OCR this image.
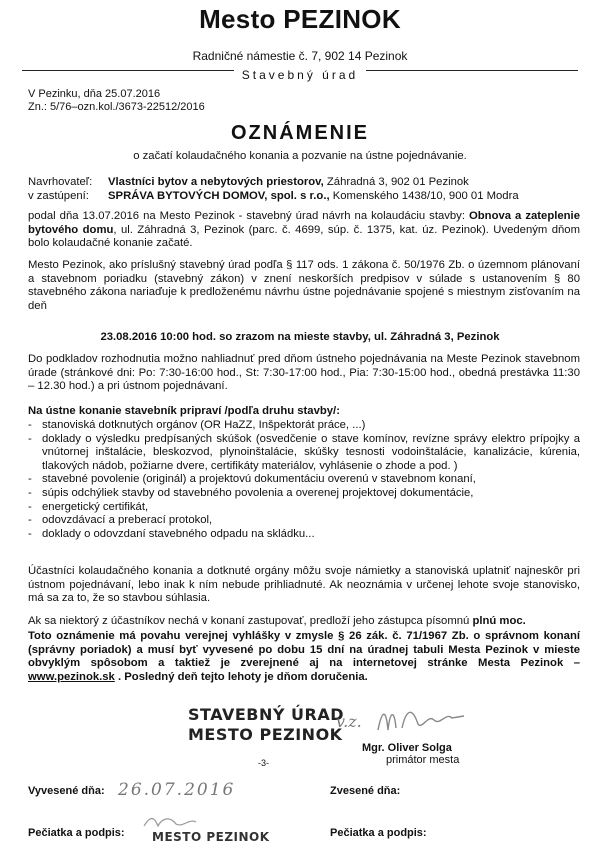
Mesto PEZINOK
Radničné námestie č. 7, 902 14 Pezinok
Stavebný úrad
V Pezinku, dňa 25.07.2016
Zn.: 5/76–ozn.kol./3673-22512/2016
OZNÁMENIE
o začatí kolaudačného konania a pozvanie na ústne pojednávanie.
Navrhovateľ: Vlastníci bytov a nebytových priestorov, Záhradná 3, 902 01 Pezinok
v zastúpení: SPRÁVA BYTOVÝCH DOMOV, spol. s r.o., Komenského 1438/10, 900 01 Modra
podal dňa 13.07.2016 na Mesto Pezinok - stavebný úrad návrh na kolaudáciu stavby: Obnova a zateplenie bytového domu, ul. Záhradná 3, Pezinok (parc. č. 4699, súp. č. 1375, kat. úz. Pezinok). Uvedeným dňom bolo kolaudačné konanie začaté.
Mesto Pezinok, ako príslušný stavebný úrad podľa § 117 ods. 1 zákona č. 50/1976 Zb. o územnom plánovaní a stavebnom poriadku (stavebný zákon) v znení neskorších predpisov v súlade s ustanovením § 80 stavebného zákona nariaďuje k predloženému návrhu ústne pojednávanie spojené s miestnym zisťovaním na deň
23.08.2016 10:00 hod. so zrazom na mieste stavby, ul. Záhradná 3, Pezinok
Do podkladov rozhodnutia možno nahliadnuť pred dňom ústneho pojednávania na Meste Pezinok stavebnom úrade (stránkové dni: Po: 7:30-16:00 hod., St: 7:30-17:00 hod., Pia: 7:30-15:00 hod., obedná prestávka 11:30 – 12.30 hod.) a pri ústnom pojednávaní.
Na ústne konanie stavebník pripraví /podľa druhu stavby/:
- stanoviská dotknutých orgánov (OR HaZZ, Inšpektorát práce, ...)
- doklady o výsledku predpísaných skúšok (osvedčenie o stave komínov, revízne správy elektro prípojky a vnútornej inštalácie, bleskozvod, plynoinštalácie, skúšky tesnosti vodoinštalácie, kanalizácie, kúrenia, tlakových nádob, požiarne dvere, certifikáty materiálov, vyhlásenie o zhode a pod. )
- stavebné povolenie (originál) a projektovú dokumentáciu overenú v stavebnom konaní,
- súpis odchýliek stavby od stavebného povolenia a overenej projektovej dokumentácie,
- energetický certifikát,
- odovzdávací a preberací protokol,
- doklady o odovzdaní stavebného odpadu na skládku...
Účastníci kolaudačného konania a dotknuté orgány môžu svoje námietky a stanoviská uplatniť najneskôr pri ústnom pojednávaní, lebo inak k ním nebude prihliadnuté. Ak neoznámia v určenej lehote svoje stanovisko, má sa za to, že so stavbou súhlasia.
Ak sa niektorý z účastníkov nechá v konaní zastupovať, predloží jeho zástupca písomnú plnú moc.
Toto oznámenie má povahu verejnej vyhlášky v zmysle § 26 zák. č. 71/1967 Zb. o správnom konaní (správny poriadok) a musí byť vyvesené po dobu 15 dní na úradnej tabuli Mesta Pezinok v mieste obvyklým spôsobom a taktiež je zverejnené aj na internetovej stránke Mesta Pezinok – www.pezinok.sk . Posledný deň tejto lehoty je dňom doručenia.
STAVEBNÝ ÚRAD
MESTO PEZINOK
v.z.
Mgr. Oliver Solga
primátor mesta
-3-
Vyvesené dňa: 26.07.2016	Zvesené dňa:
Pečiatka a podpis: MESTO PEZINOK	Pečiatka a podpis:
